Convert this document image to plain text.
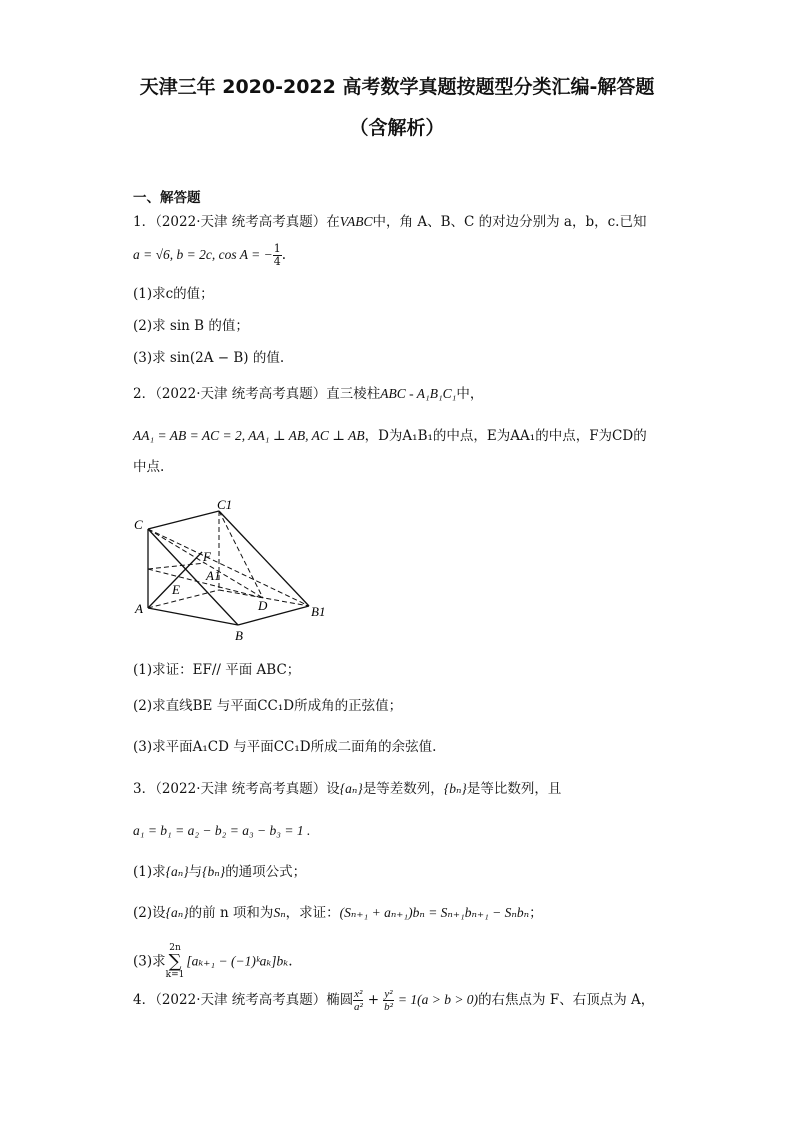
天津三年 2020-2022 高考数学真题按题型分类汇编-解答题
（含解析）
一、解答题
1．（2022·天津 统考高考真题）在VABC中，角 A、B、C 的对边分别为 a，b，c.已知
a = √6, b = 2c, cos A = − $\frac{1}{4}$ .
(1)求c的值；
(2)求 sin B 的值；
(3)求 sin(2A − B) 的值.
2．（2022·天津 统考高考真题）直三棱柱ABC - A₁B₁C₁中，
AA₁ = AB = AC = 2, AA₁ ⊥ AB, AC ⊥ AB，D为A₁B₁的中点，E为AA₁的中点，F为CD的
中点.
C
C1
F
A1
E
D
A
B
B1
(1)求证：EF// 平面 ABC；
(2)求直线BE 与平面CC₁D所成角的正弦值；
(3)求平面A₁CD 与平面CC₁D所成二面角的余弦值.
3．（2022·天津 统考高考真题）设{aₙ}是等差数列，{bₙ}是等比数列，且
a₁ = b₁ = a₂ − b₂ = a₃ − b₃ = 1 .
(1)求{aₙ}与{bₙ}的通项公式；
(2)设{aₙ}的前 n 项和为Sₙ，求证：(Sₙ₊₁ + aₙ₊₁)bₙ = Sₙ₊₁bₙ₊₁ − Sₙbₙ；
(3)求2n
∑
k=1[aₖ₊₁ − (−1)ᵏaₖ]bₖ.
4．（2022·天津 统考高考真题）椭圆 $\frac{\text{x²}}{\text{a²}} + \frac{\text{y²}}{\text{b²}} = 1(a > b > 0)$的右焦点为 F、右顶点为 A，
